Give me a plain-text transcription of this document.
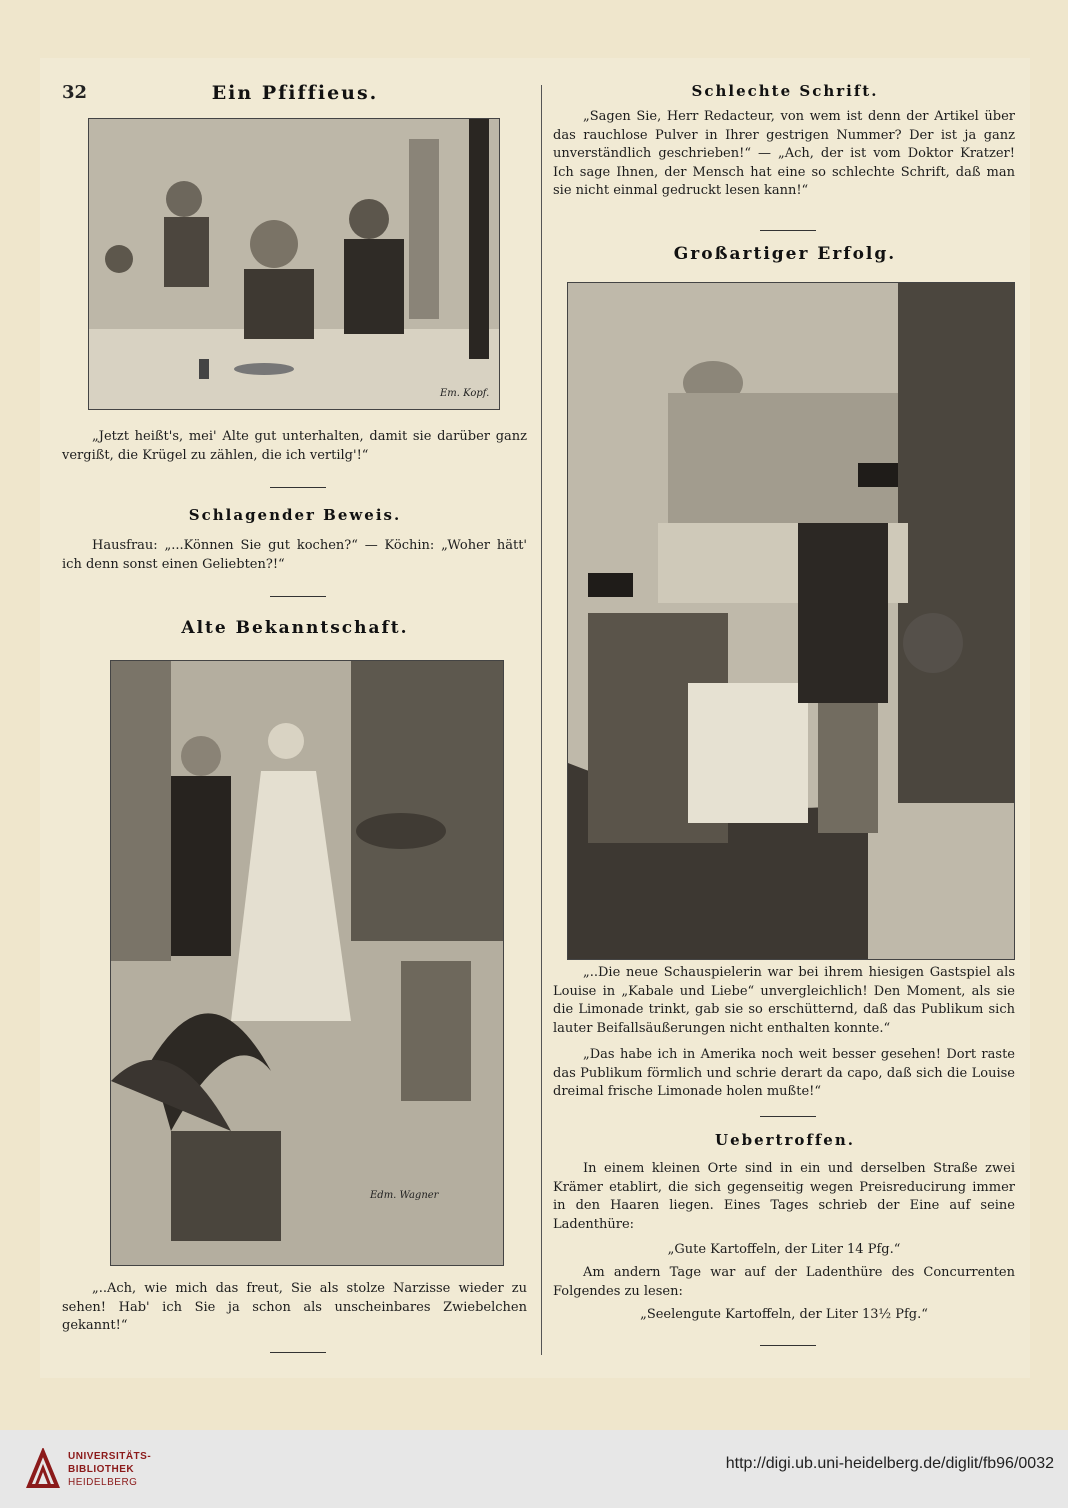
32	Ein Pfiffieus.
Em. Kopf.
„Jetzt heißt's, mei' Alte gut unterhalten, damit sie darüber ganz vergißt, die Krügel zu zählen, die ich vertilg'!“
Schlagender Beweis.
Hausfrau: „...Können Sie gut kochen?“ — Köchin: „Woher hätt' ich denn sonst einen Geliebten?!“
Alte Bekanntschaft.
Edm. Wagner
„..Ach, wie mich das freut, Sie als stolze Narzisse wieder zu sehen! Hab' ich Sie ja schon als unscheinbares Zwiebelchen gekannt!“
Schlechte Schrift.
„Sagen Sie, Herr Redacteur, von wem ist denn der Artikel über das rauchlose Pulver in Ihrer gestrigen Nummer? Der ist ja ganz unverständlich geschrieben!“ — „Ach, der ist vom Doktor Kratzer! Ich sage Ihnen, der Mensch hat eine so schlechte Schrift, daß man sie nicht einmal gedruckt lesen kann!“
Großartiger Erfolg.
„..Die neue Schauspielerin war bei ihrem hiesigen Gastspiel als Louise in „Kabale und Liebe“ unvergleichlich! Den Moment, als sie die Limonade trinkt, gab sie so erschütternd, daß das Publikum sich lauter Beifallsäußerungen nicht enthalten konnte.“
„Das habe ich in Amerika noch weit besser gesehen! Dort raste das Publikum förmlich und schrie derart da capo, daß sich die Louise dreimal frische Limonade holen mußte!“
Uebertroffen.
In einem kleinen Orte sind in ein und derselben Straße zwei Krämer etablirt, die sich gegenseitig wegen Preisreducirung immer in den Haaren liegen. Eines Tages schrieb der Eine auf seine Ladenthüre:
„Gute Kartoffeln, der Liter 14 Pfg.“
Am andern Tage war auf der Ladenthüre des Concurrenten Folgendes zu lesen:
„Seelengute Kartoffeln, der Liter 13½ Pfg.“
UNIVERSITÄTS-
BIBLIOTHEK
HEIDELBERG
http://digi.ub.uni-heidelberg.de/diglit/fb96/0032
